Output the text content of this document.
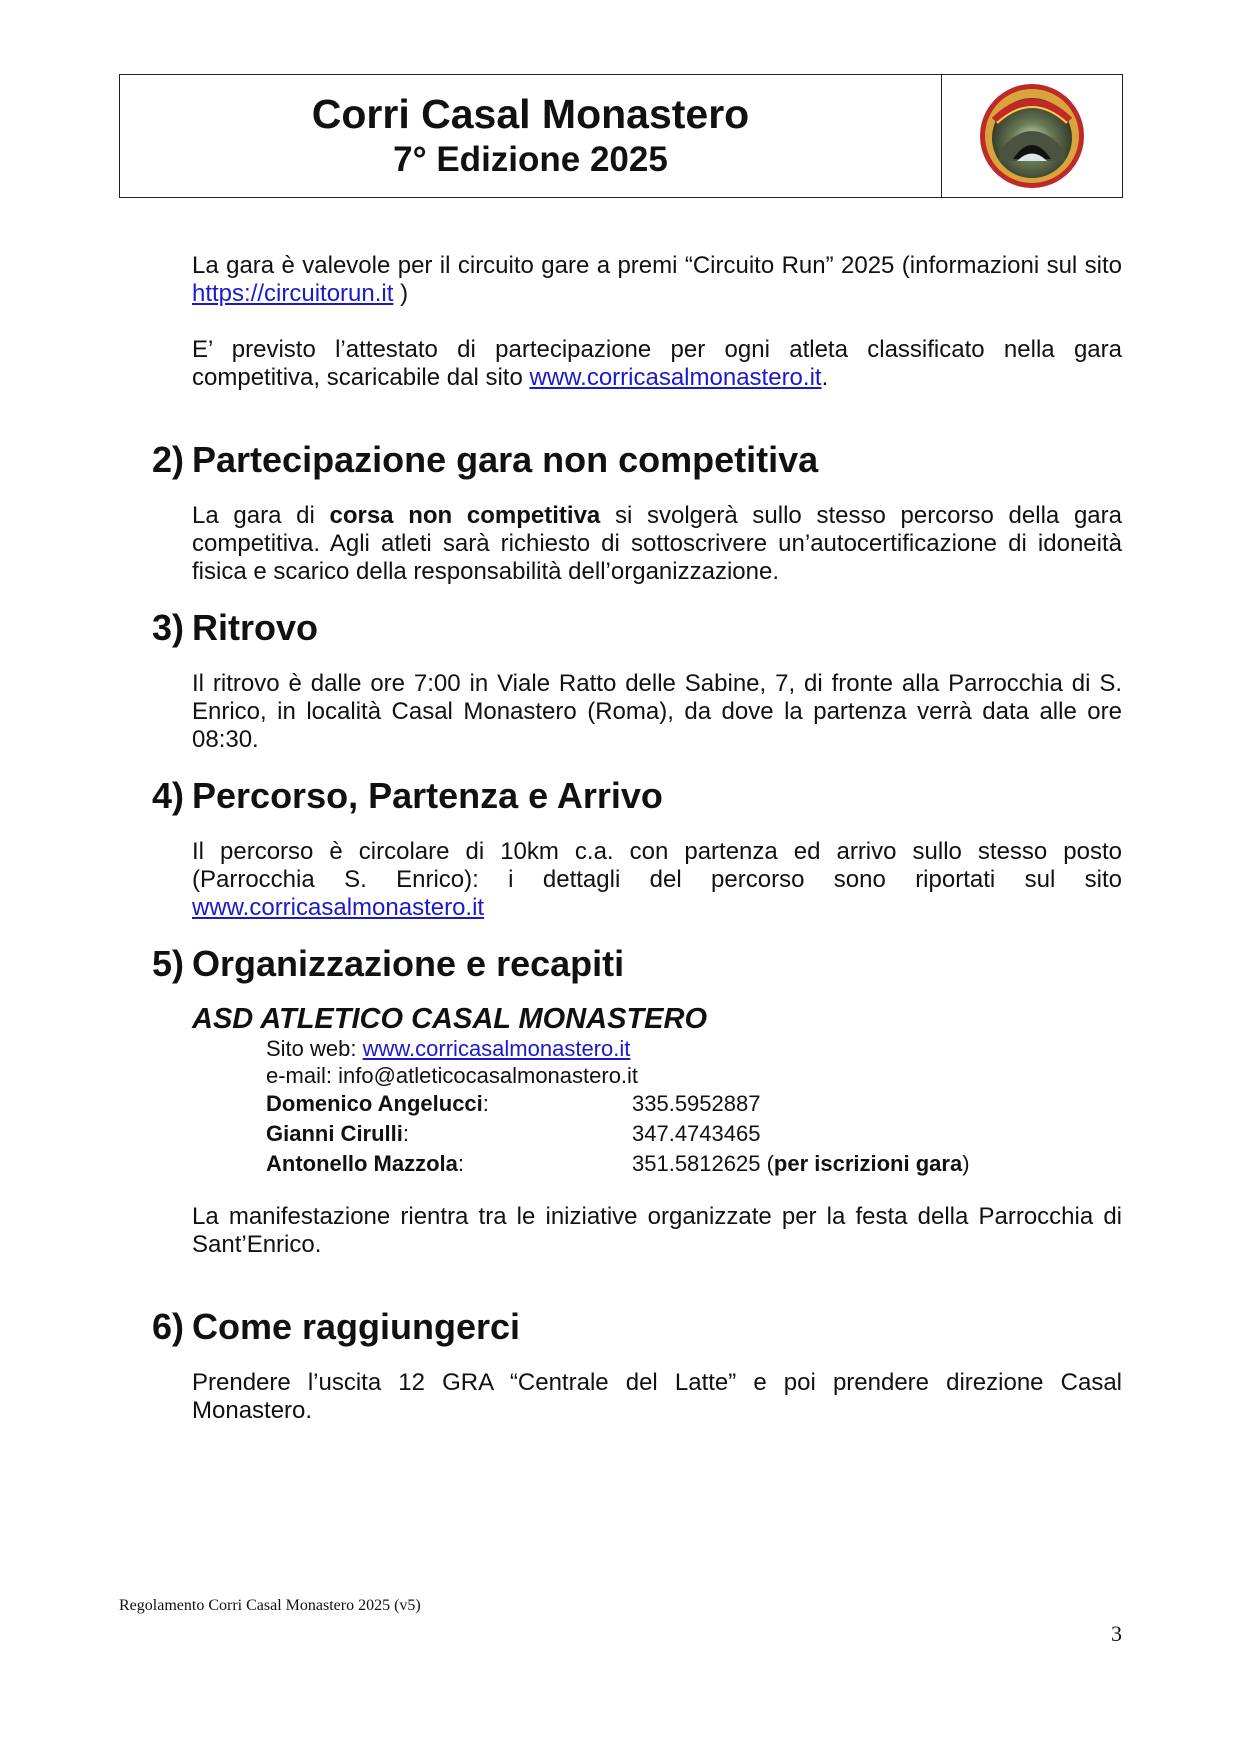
Corri Casal Monastero
7° Edizione 2025

La gara è valevole per il circuito gare a premi “Circuito Run” 2025 (informazioni sul sito https://circuitorun.it )

E’ previsto l’attestato di partecipazione per ogni atleta classificato nella gara competitiva, scaricabile dal sito www.corricasalmonastero.it.

2) Partecipazione gara non competitiva

La gara di corsa non competitiva si svolgerà sullo stesso percorso della gara competitiva. Agli atleti sarà richiesto di sottoscrivere un’autocertificazione di idoneità fisica e scarico della responsabilità dell’organizzazione.

3) Ritrovo

Il ritrovo è dalle ore 7:00 in Viale Ratto delle Sabine, 7, di fronte alla Parrocchia di S. Enrico, in località Casal Monastero (Roma), da dove la partenza verrà data alle ore 08:30.

4) Percorso, Partenza e Arrivo

Il percorso è circolare di 10km c.a. con partenza ed arrivo sullo stesso posto (Parrocchia S. Enrico): i dettagli del percorso sono riportati sul sito
www.corricasalmonastero.it

5) Organizzazione e recapiti

ASD ATLETICO CASAL MONASTERO

Sito web: www.corricasalmonastero.it
e-mail: info@atleticocasalmonastero.it
Domenico Angelucci:	335.5952887
Gianni Cirulli:	347.4743465
Antonello Mazzola:	351.5812625 (per iscrizioni gara)

La manifestazione rientra tra le iniziative organizzate per la festa della Parrocchia di Sant’Enrico.

6) Come raggiungerci

Prendere l’uscita 12 GRA “Centrale del Latte” e poi prendere direzione Casal Monastero.

Regolamento Corri Casal Monastero 2025 (v5)
3
